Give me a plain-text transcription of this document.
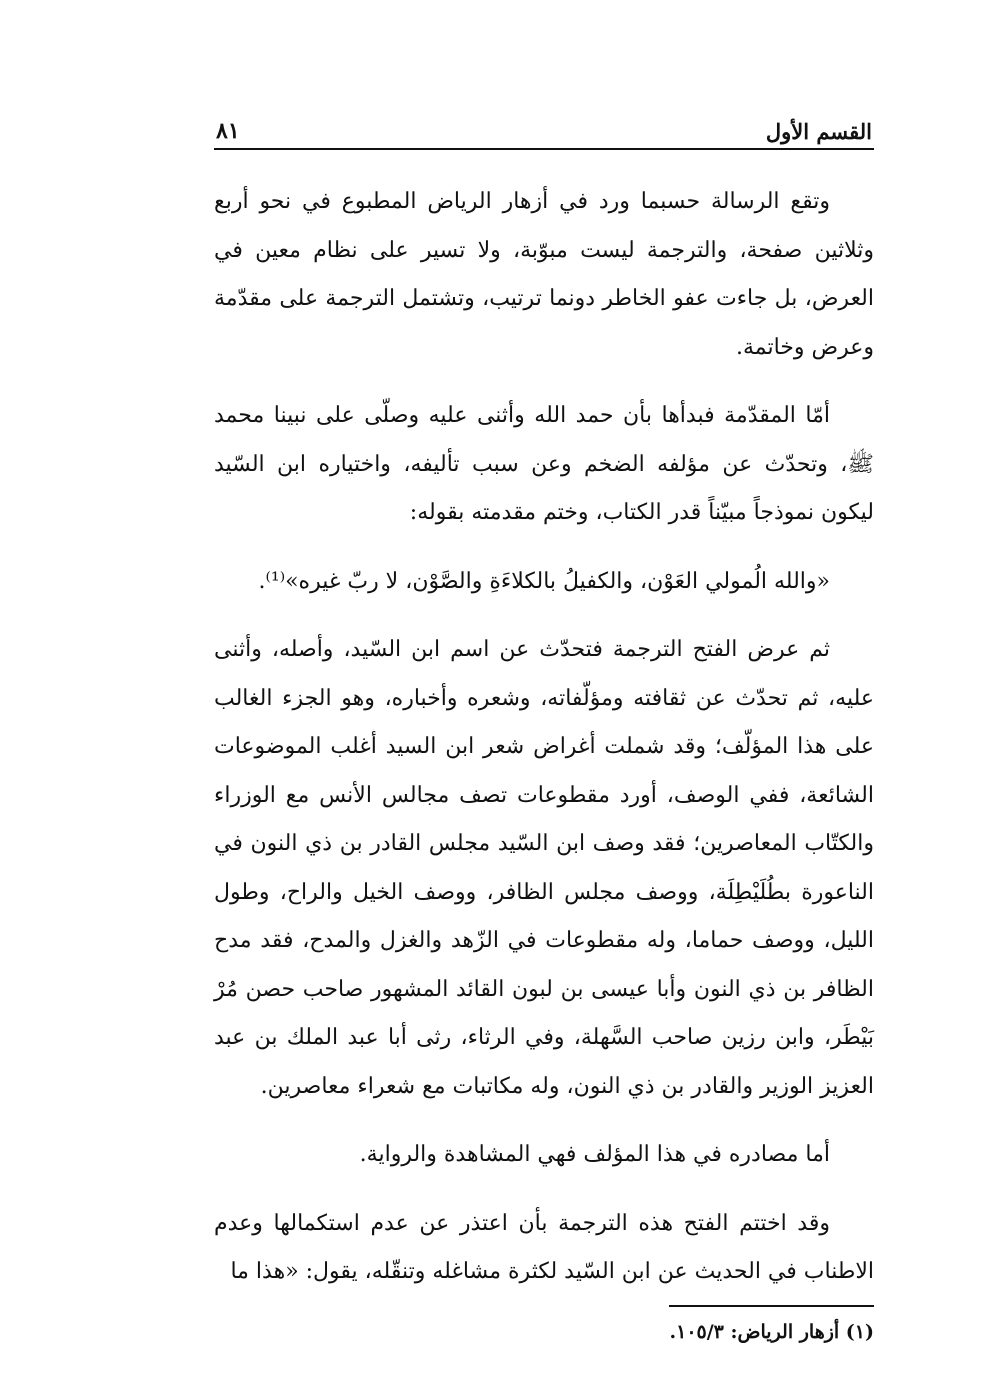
القسم الأول
٨١

وتقع الرسالة حسبما ورد في أزهار الرياض المطبوع في نحو أربع وثلاثين صفحة، والترجمة ليست مبوّبة، ولا تسير على نظام معين في العرض، بل جاءت عفو الخاطر دونما ترتيب، وتشتمل الترجمة على مقدّمة وعرض وخاتمة.

أمّا المقدّمة فبدأها بأن حمد الله وأثنى عليه وصلّى على نبينا محمد ﷺ، وتحدّث عن مؤلفه الضخم وعن سبب تأليفه، واختياره ابن السّيد ليكون نموذجاً مبيّناً قدر الكتاب، وختم مقدمته بقوله:

«والله الُمولي العَوْن، والكفيلُ بالكلاءَةِ والصَّوْن، لا ربّ غيره»⁽¹⁾.

ثم عرض الفتح الترجمة فتحدّث عن اسم ابن السّيد، وأصله، وأثنى عليه، ثم تحدّث عن ثقافته ومؤلّفاته، وشعره وأخباره، وهو الجزء الغالب على هذا المؤلّف؛ وقد شملت أغراض شعر ابن السيد أغلب الموضوعات الشائعة، ففي الوصف، أورد مقطوعات تصف مجالس الأنس مع الوزراء والكتّاب المعاصرين؛ فقد وصف ابن السّيد مجلس القادر بن ذي النون في الناعورة بطُلَيْطِلَة، ووصف مجلس الظافر، ووصف الخيل والراح، وطول الليل، ووصف حماما، وله مقطوعات في الزّهد والغزل والمدح، فقد مدح الظافر بن ذي النون وأبا عيسى بن لبون القائد المشهور صاحب حصن مُرْ بَيْطَر، وابن رزين صاحب السَّهلة، وفي الرثاء، رثى أبا عبد الملك بن عبد العزيز الوزير والقادر بن ذي النون، وله مكاتبات مع شعراء معاصرين.

أما مصادره في هذا المؤلف فهي المشاهدة والرواية.

وقد اختتم الفتح هذه الترجمة بأن اعتذر عن عدم استكمالها وعدم الاطناب في الحديث عن ابن السّيد لكثرة مشاغله وتنقّله، يقول: «هذا ما

(١) أزهار الرياض: ١٠٥/٣.
